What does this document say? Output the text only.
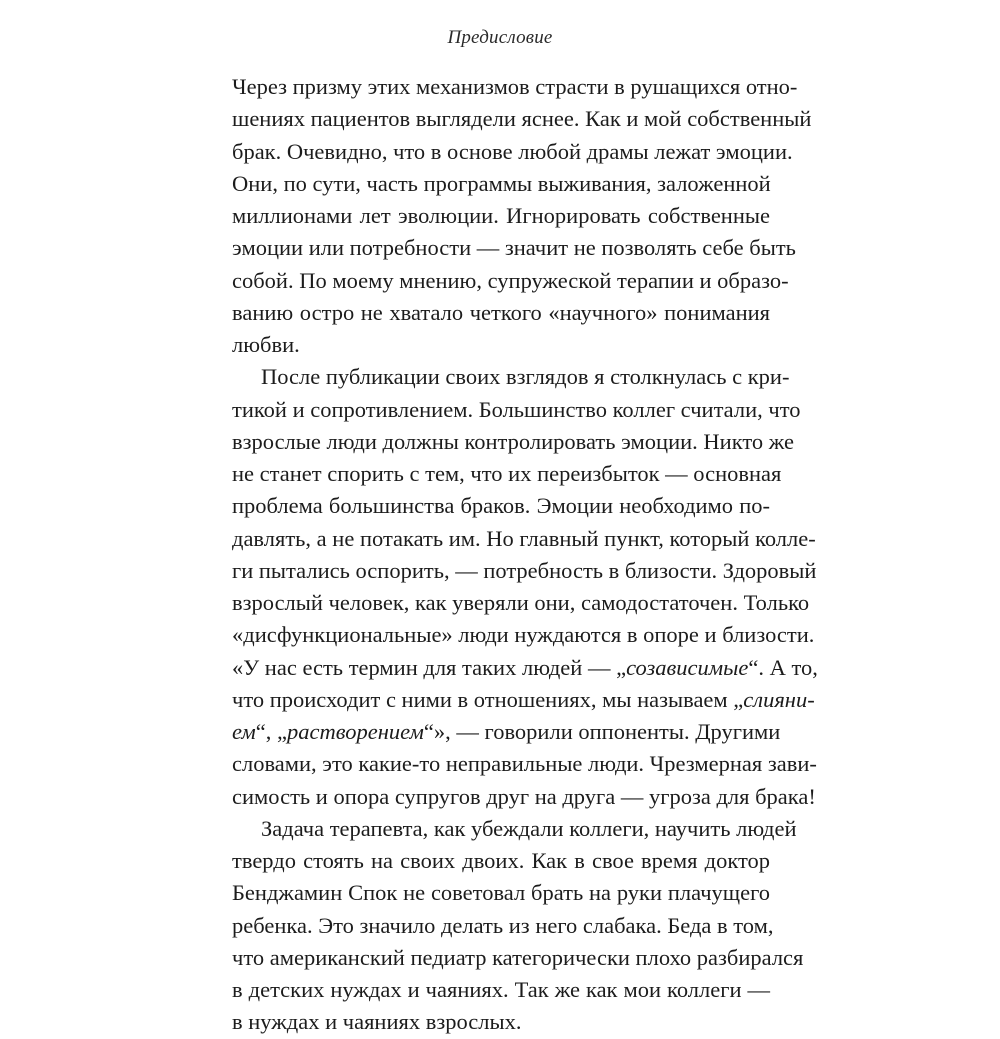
Предисловие
Через призму этих механизмов страсти в рушащихся отно-
шениях пациентов выглядели яснее. Как и мой собственный
брак. Очевидно, что в основе любой драмы лежат эмоции.
Они, по сути, часть программы выживания, заложенной
миллионами лет эволюции. Игнорировать собственные
эмоции или потребности — значит не позволять себе быть
собой. По моему мнению, супружеской терапии и образо-
ванию остро не хватало четкого «научного» понимания
любви.
После публикации своих взглядов я столкнулась с кри-
тикой и сопротивлением. Большинство коллег считали, что
взрослые люди должны контролировать эмоции. Никто же
не станет спорить с тем, что их переизбыток — основная
проблема большинства браков. Эмоции необходимо по-
давлять, а не потакать им. Но главный пункт, который колле-
ги пытались оспорить, — потребность в близости. Здоровый
взрослый человек, как уверяли они, самодостаточен. Только
«дисфункциональные» люди нуждаются в опоре и близости.
«У нас есть термин для таких людей — „созависимые“. А то,
что происходит с ними в отношениях, мы называем „слияни-
ем“, „растворением“», — говорили оппоненты. Другими
словами, это какие-то неправильные люди. Чрезмерная зави-
симость и опора супругов друг на друга — угроза для брака!
Задача терапевта, как убеждали коллеги, научить людей
твердо стоять на своих двоих. Как в свое время доктор
Бенджамин Спок не советовал брать на руки плачущего
ребенка. Это значило делать из него слабака. Беда в том,
что американский педиатр категорически плохо разбирался
в детских нуждах и чаяниях. Так же как мои коллеги —
в нуждах и чаяниях взрослых.
